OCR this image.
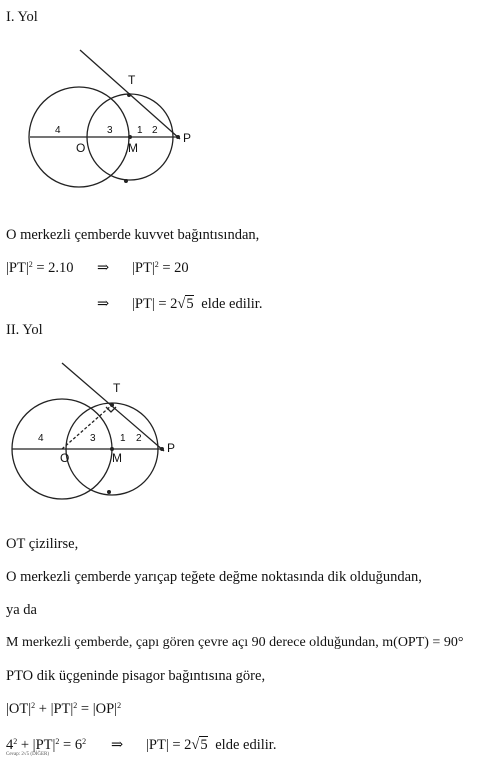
I. Yol
T
P
O	M
4	3 1 2
O merkezli çemberde kuvvet bağıntısından,
$|PT|^2 = 2.10$ ⇒ $|PT|^2 = 20$
⇒ |PT| = 2√5 elde edilir.
II. Yol
T
P
O	M
4	3 1 2
OT çizilirse,
O merkezli çemberde yarıçap teğete değme noktasında dik olduğundan,
ya da
M merkezli çemberde, çapı gören çevre açı 90 derece olduğundan, m(OPT) = 90°
PTO dik üçgeninde pisagor bağıntısına göre,
$|OT|^2 + |PT|^2 = |OP|^2$
$4^2 + |PT|^2 = 6^2$ ⇒ |PT| = 2√5 elde edilir.
Cevap: 2√5 (DİĞER)
